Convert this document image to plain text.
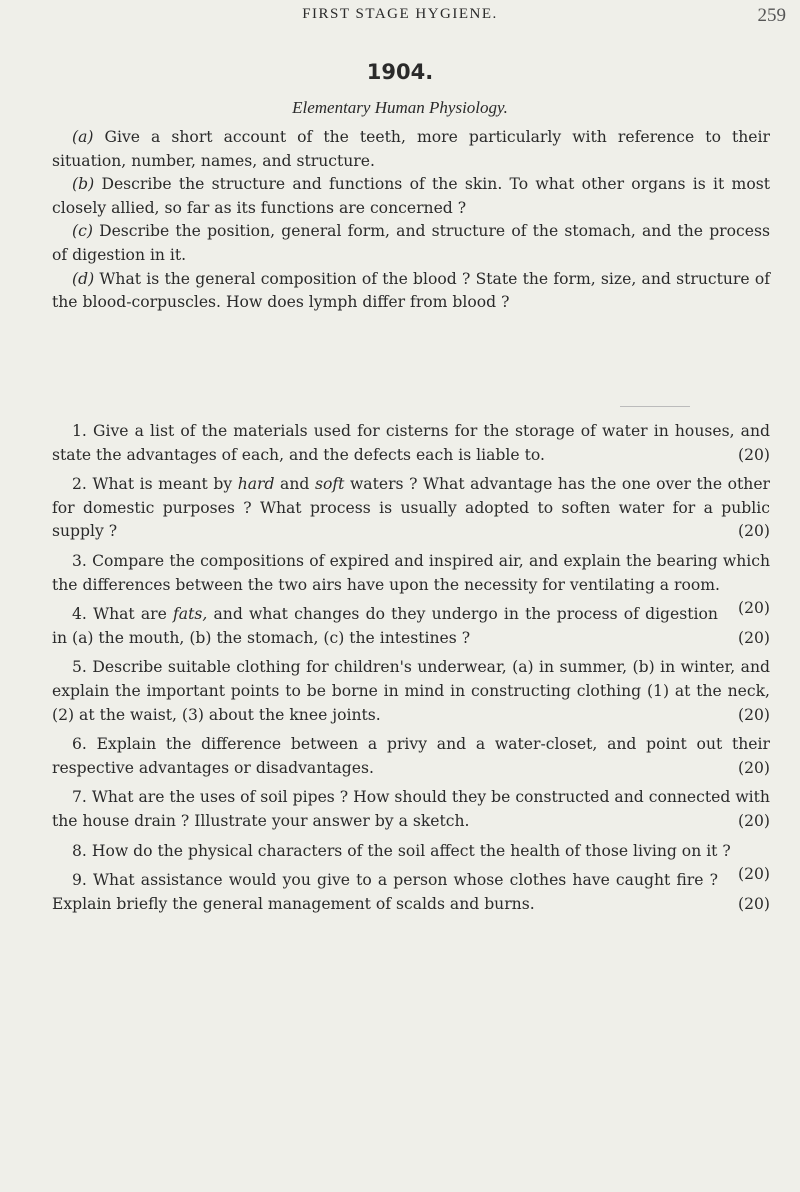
FIRST STAGE HYGIENE.	259
1904.
Elementary Human Physiology.

(a) Give a short account of the teeth, more particularly with reference to their situation, number, names, and structure.

(b) Describe the structure and functions of the skin. To what other organs is it most closely allied, so far as its functions are concerned ?

(c) Describe the position, general form, and structure of the stomach, and the process of digestion in it.

(d) What is the general composition of the blood ? State the form, size, and structure of the blood-corpuscles. How does lymph differ from blood ?

1. Give a list of the materials used for cisterns for the storage of water in houses, and state the advantages of each, and the defects each is liable to.	(20)

2. What is meant by hard and soft waters ? What advantage has the one over the other for domestic purposes ? What process is usually adopted to soften water for a public supply ?	(20)

3. Compare the compositions of expired and inspired air, and explain the bearing which the differences between the two airs have upon the necessity for ventilating a room.
(20)

4. What are fats, and what changes do they undergo in the process of digestion in (a) the mouth, (b) the stomach, (c) the intestines ?	(20)

5. Describe suitable clothing for children's underwear, (a) in summer, (b) in winter, and explain the important points to be borne in mind in constructing clothing (1) at the neck, (2) at the waist, (3) about the knee joints.	(20)

6. Explain the difference between a privy and a water-closet, and point out their respective advantages or disadvantages.	(20)

7. What are the uses of soil pipes ? How should they be constructed and connected with the house drain ? Illustrate your answer by a sketch.	(20)

8. How do the physical characters of the soil affect the health of those living on it ?
(20)

9. What assistance would you give to a person whose clothes have caught fire ? Explain briefly the general management of scalds and burns.	(20)
